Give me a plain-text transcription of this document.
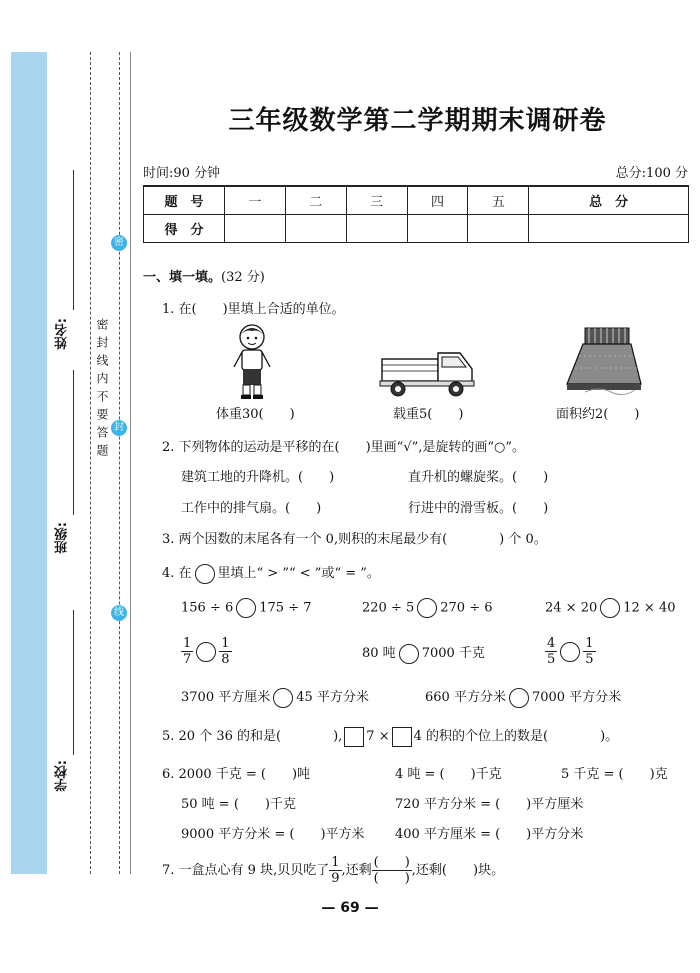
密
封
线
密封线内不要答题
姓名:
班级:
学校:
三年级数学第二学期期末调研卷
时间:90 分钟	总分:100 分
题　号	一	二	三	四	五	总　分
得　分						
一、填一填。(32 分)
1. 在(　　)里填上合适的单位。
体重30(　　)	载重5(　　)	面积约2(　　)
2. 下列物体的运动是平移的在(　　)里画“√”,是旋转的画“○”。
建筑工地的升降机。(　　)	直升机的螺旋桨。(　　)
工作中的排气扇。(　　)	行进中的滑雪板。(　　)
3. 两个因数的末尾各有一个 0,则积的末尾最少有(　　　　) 个 0。
4. 在 里填上“ > ”“ < ”或“ = ”。
156 ÷ 6 175 ÷ 7	220 ÷ 5 270 ÷ 6	24 × 20 12 × 40
$\frac{1}{7} \frac{1}{8}$	80 吨 7000 千克	$\frac{4}{5} \frac{1}{5}$
3700 平方厘米 45 平方分米	660 平方分米 7000 平方分米
5. 20 个 36 的和是(　　　　), 7 × 4 的积的个位上的数是(　　　　)。
6. 2000 千克 = (　　)吨	4 吨 = (　　)千克	5 千克 = (　　)克
50 吨 = (　　)千克	720 平方分米 = (　　)平方厘米
9000 平方分米 = (　　)平方米 400 平方厘米 = (　　)平方分米
7. 一盒点心有 9 块,贝贝吃了 $\frac{1}{9}$ ,还剩 $\frac{( )}{( )}$ ,还剩(　　)块。
— 69 —
